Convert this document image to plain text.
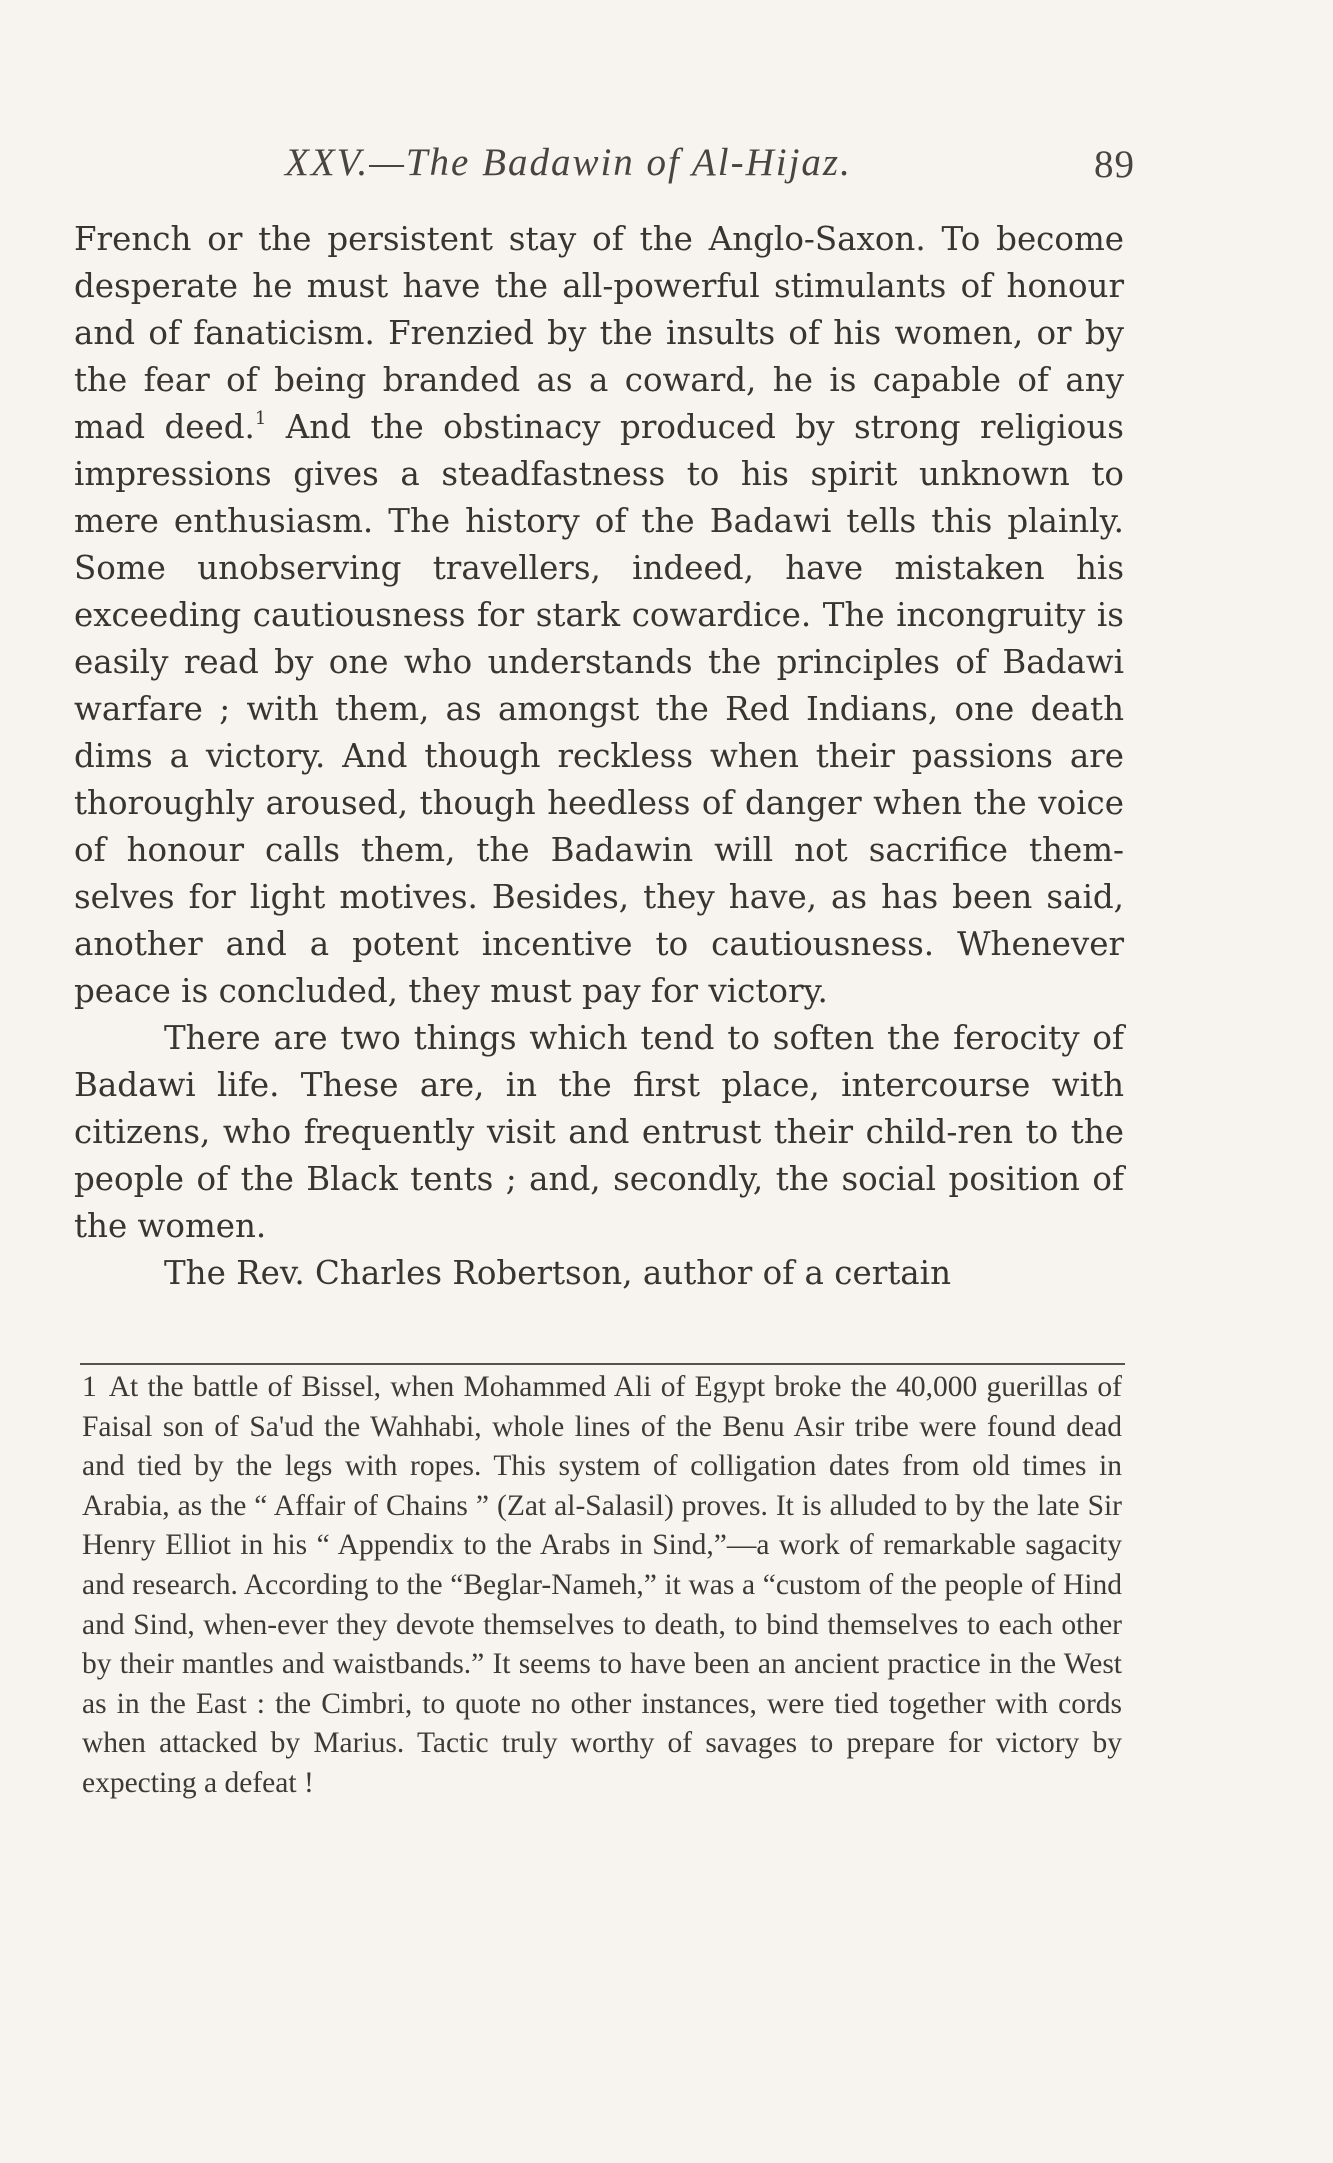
XXV.—The Badawin of Al-Hijaz.	89

French or the persistent stay of the Anglo-Saxon. To become desperate he must have the all-powerful stimulants of honour and of fanaticism. Frenzied by the insults of his women, or by the fear of being branded as a coward, he is capable of any mad deed.$^1$ And the obstinacy produced by strong religious impressions gives a steadfastness to his spirit unknown to mere enthusiasm. The history of the Badawi tells this plainly. Some unobserving travellers, indeed, have mistaken his exceeding cautiousness for stark cowardice. The incongruity is easily read by one who understands the principles of Badawi warfare ; with them, as amongst the Red Indians, one death dims a victory. And though reckless when their passions are thoroughly aroused, though heedless of danger when the voice of honour calls them, the Badawin will not sacrifice them-selves for light motives. Besides, they have, as has been said, another and a potent incentive to cautiousness. Whenever peace is concluded, they must pay for victory.

There are two things which tend to soften the ferocity of Badawi life. These are, in the first place, intercourse with citizens, who frequently visit and entrust their child-ren to the people of the Black tents ; and, secondly, the social position of the women.

The Rev. Charles Robertson, author of a certain

1 At the battle of Bissel, when Mohammed Ali of Egypt broke the 40,000 guerillas of Faisal son of Sa'ud the Wahhabi, whole lines of the Benu Asir tribe were found dead and tied by the legs with ropes. This system of colligation dates from old times in Arabia, as the “ Affair of Chains ” (Zat al-Salasil) proves. It is alluded to by the late Sir Henry Elliot in his “ Appendix to the Arabs in Sind,”—a work of remarkable sagacity and research. According to the “Beglar-Nameh,” it was a “custom of the people of Hind and Sind, when-ever they devote themselves to death, to bind themselves to each other by their mantles and waistbands.” It seems to have been an ancient practice in the West as in the East : the Cimbri, to quote no other instances, were tied together with cords when attacked by Marius. Tactic truly worthy of savages to prepare for victory by expecting a defeat !
